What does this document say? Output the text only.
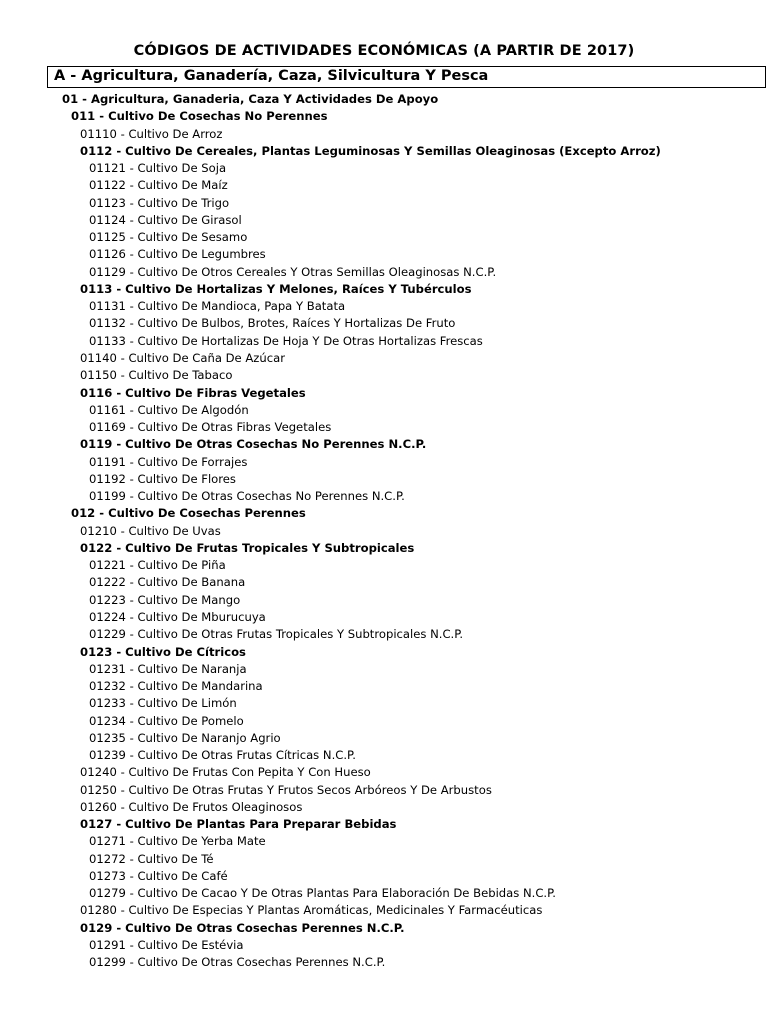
CÓDIGOS DE ACTIVIDADES ECONÓMICAS (A PARTIR DE 2017)
A - Agricultura, Ganadería, Caza, Silvicultura Y Pesca
01 - Agricultura, Ganaderia, Caza Y Actividades De Apoyo
011 - Cultivo De Cosechas No Perennes
01110 - Cultivo De Arroz
0112 - Cultivo De Cereales, Plantas Leguminosas Y Semillas Oleaginosas (Excepto Arroz)
01121 - Cultivo De Soja
01122 - Cultivo De Maíz
01123 - Cultivo De Trigo
01124 - Cultivo De Girasol
01125 - Cultivo De Sesamo
01126 - Cultivo De Legumbres
01129 - Cultivo De Otros Cereales Y Otras Semillas Oleaginosas N.C.P.
0113 - Cultivo De Hortalizas Y Melones, Raíces Y Tubérculos
01131 - Cultivo De Mandioca, Papa Y Batata
01132 - Cultivo De Bulbos, Brotes, Raíces Y Hortalizas De Fruto
01133 - Cultivo De Hortalizas De Hoja Y De Otras Hortalizas Frescas
01140 - Cultivo De Caña De Azúcar
01150 - Cultivo De Tabaco
0116 - Cultivo De Fibras Vegetales
01161 - Cultivo De Algodón
01169 - Cultivo De Otras Fibras Vegetales
0119 - Cultivo De Otras Cosechas No Perennes N.C.P.
01191 - Cultivo De Forrajes
01192 - Cultivo De Flores
01199 - Cultivo De Otras Cosechas No Perennes N.C.P.
012 - Cultivo De Cosechas Perennes
01210 - Cultivo De Uvas
0122 - Cultivo De Frutas Tropicales Y Subtropicales
01221 - Cultivo De Piña
01222 - Cultivo De Banana
01223 - Cultivo De Mango
01224 - Cultivo De Mburucuya
01229 - Cultivo De Otras Frutas Tropicales Y Subtropicales N.C.P.
0123 - Cultivo De Cítricos
01231 - Cultivo De Naranja
01232 - Cultivo De Mandarina
01233 - Cultivo De Limón
01234 - Cultivo De Pomelo
01235 - Cultivo De Naranjo Agrio
01239 - Cultivo De Otras Frutas Cítricas N.C.P.
01240 - Cultivo De Frutas Con Pepita Y Con Hueso
01250 - Cultivo De Otras Frutas Y Frutos Secos Arbóreos Y De Arbustos
01260 - Cultivo De Frutos Oleaginosos
0127 - Cultivo De Plantas Para Preparar Bebidas
01271 - Cultivo De Yerba Mate
01272 - Cultivo De Té
01273 - Cultivo De Café
01279 - Cultivo De Cacao Y De Otras Plantas Para Elaboración De Bebidas N.C.P.
01280 - Cultivo De Especias Y Plantas Aromáticas, Medicinales Y Farmacéuticas
0129 - Cultivo De Otras Cosechas Perennes N.C.P.
01291 - Cultivo De Estévia
01299 - Cultivo De Otras Cosechas Perennes N.C.P.
